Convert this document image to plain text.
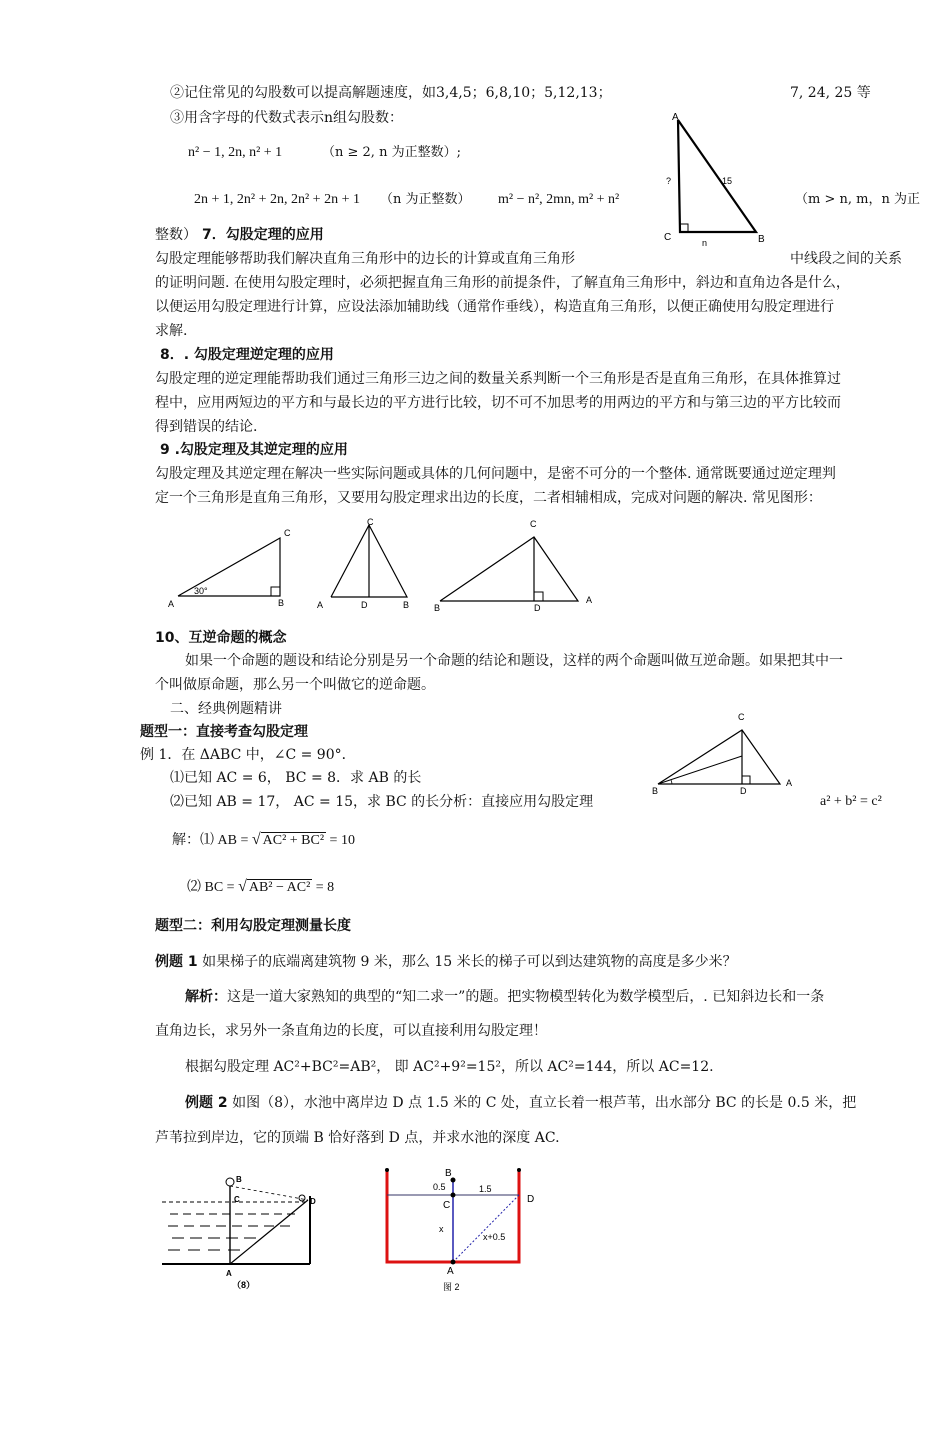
②记住常见的勾股数可以提高解题速度，如3,4,5；6,8,10；5,12,13；	7, 24, 25 等
③用含字母的代数式表示n组勾股数：
n² − 1, 2n, n² + 1	（n ≥ 2, n 为正整数）;
2n + 1, 2n² + 2n, 2n² + 2n + 1 （n 为正整数） m² − n², 2mn, m² + n²	（m > n, m，n 为正
整数） 7．勾股定理的应用
A
C	B
?	15
n
勾股定理能够帮助我们解决直角三角形中的边长的计算或直角三角形	中线段之间的关系
的证明问题. 在使用勾股定理时，必须把握直角三角形的前提条件，了解直角三角形中，斜边和直角边各是什么，
以便运用勾股定理进行计算，应设法添加辅助线（通常作垂线），构造直角三角形，以便正确使用勾股定理进行
求解.
8．. 勾股定理逆定理的应用
勾股定理的逆定理能帮助我们通过三角形三边之间的数量关系判断一个三角形是否是直角三角形，在具体推算过
程中，应用两短边的平方和与最长边的平方进行比较，切不可不加思考的用两边的平方和与第三边的平方比较而
得到错误的结论.
9 .勾股定理及其逆定理的应用
勾股定理及其逆定理在解决一些实际问题或具体的几何问题中，是密不可分的一个整体. 通常既要通过逆定理判
定一个三角形是直角三角形，又要用勾股定理求出边的长度，二者相辅相成，完成对问题的解决. 常见图形：
C
A	B
30°
C
A	D	B
C
B	D
A
10、互逆命题的概念
如果一个命题的题设和结论分别是另一个命题的结论和题设，这样的两个命题叫做互逆命题。如果把其中一
个叫做原命题，那么另一个叫做它的逆命题。
二、经典例题精讲
题型一：直接考查勾股定理
例 1．在 ΔABC 中，∠C = 90°．
⑴已知 AC = 6， BC = 8．求 AB 的长
⑵已知 AB = 17， AC = 15，求 BC 的长分析：直接应用勾股定理	a² + b² = c²
C
B	D
A
解：⑴ AB = √ AC² + BC² = 10
⑵ BC = √ AB² − AC² = 8
题型二：利用勾股定理测量长度
例题 1 如果梯子的底端离建筑物 9 米，那么 15 米长的梯子可以到达建筑物的高度是多少米？
解析：这是一道大家熟知的典型的“知二求一”的题。把实物模型转化为数学模型后，. 已知斜边长和一条
直角边长，求另外一条直角边的长度，可以直接利用勾股定理！
根据勾股定理 AC²+BC²=AB²， 即 AC²+9²=15²，所以 AC²=144，所以 AC=12.
例题 2 如图（8），水池中离岸边 D 点 1.5 米的 C 处，直立长着一根芦苇，出水部分 BC 的长是 0.5 米，把
芦苇拉到岸边，它的顶端 B 恰好落到 D 点，并求水池的深度 AC.
B
C	D
A
（8）
B
C
D
A
0.5	1.5
x
x+0.5
图 2
